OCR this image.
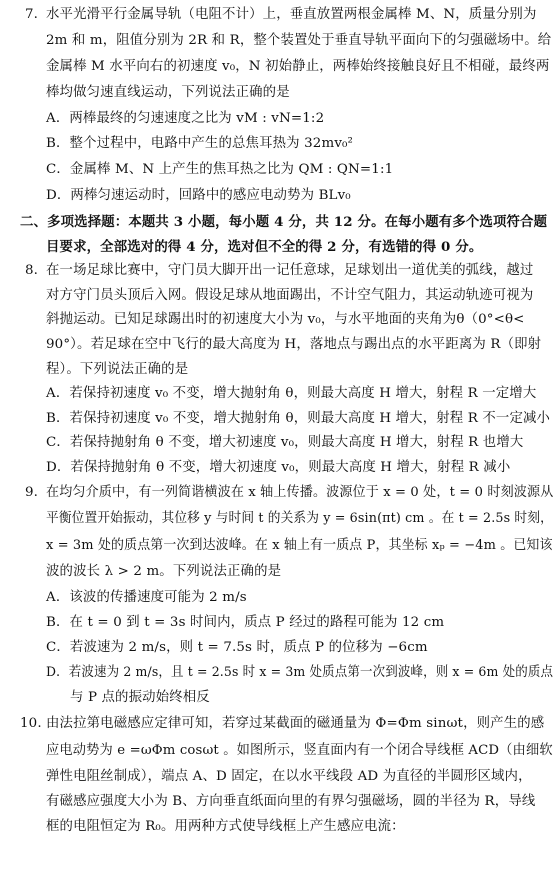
7. 水平光滑平行金属导轨（电阻不计）上，垂直放置两根金属棒 M、N，质量分别为
2m 和 m，阻值分别为 2R 和 R，整个装置处于垂直导轨平面向下的匀强磁场中。给
金属棒 M 水平向右的初速度 v₀，N 初始静止，两棒始终接触良好且不相碰，最终两
棒均做匀速直线运动，下列说法正确的是
A．两棒最终的匀速速度之比为 vM : vN=1:2
B．整个过程中，电路中产生的总焦耳热为 32mv₀²
C．金属棒 M、N 上产生的焦耳热之比为 QM : QN=1:1
D．两棒匀速运动时，回路中的感应电动势为 BLv₀
二、多项选择题：本题共 3 小题，每小题 4 分，共 12 分。在每小题有多个选项符合题
目要求，全部选对的得 4 分，选对但不全的得 2 分，有选错的得 0 分。
8. 在一场足球比赛中，守门员大脚开出一记任意球，足球划出一道优美的弧线，越过
对方守门员头顶后入网。假设足球从地面踢出，不计空气阻力，其运动轨迹可视为
斜抛运动。已知足球踢出时的初速度大小为 v₀，与水平地面的夹角为θ（0°<θ<
90°）。若足球在空中飞行的最大高度为 H，落地点与踢出点的水平距离为 R（即射
程）。下列说法正确的是
A．若保持初速度 v₀ 不变，增大抛射角 θ，则最大高度 H 增大，射程 R 一定增大
B．若保持初速度 v₀ 不变，增大抛射角 θ，则最大高度 H 增大，射程 R 不一定减小
C．若保持抛射角 θ 不变，增大初速度 v₀，则最大高度 H 增大，射程 R 也增大
D．若保持抛射角 θ 不变，增大初速度 v₀，则最大高度 H 增大，射程 R 减小
9. 在均匀介质中，有一列简谐横波在 x 轴上传播。波源位于 x = 0 处，t = 0 时刻波源从
平衡位置开始振动，其位移 y 与时间 t 的关系为 y = 6sin(πt) cm 。在 t = 2.5s 时刻，
x = 3m 处的质点第一次到达波峰。在 x 轴上有一质点 P，其坐标 xₚ = −4m 。已知该
波的波长 λ > 2 m。下列说法正确的是
A．该波的传播速度可能为 2 m/s
B．在 t = 0 到 t = 3s 时间内，质点 P 经过的路程可能为 12 cm
C．若波速为 2 m/s，则 t = 7.5s 时，质点 P 的位移为 −6cm
D．若波速为 2 m/s，且 t = 2.5s 时 x = 3m 处质点第一次到波峰，则 x = 6m 处的质点
与 P 点的振动始终相反
10. 由法拉第电磁感应定律可知，若穿过某截面的磁通量为 Φ=Φm sinωt，则产生的感
应电动势为 e =ωΦm cosωt 。如图所示，竖直面内有一个闭合导线框 ACD（由细软
弹性电阻丝制成），端点 A、D 固定，在以水平线段 AD 为直径的半圆形区域内，
有磁感应强度大小为 B、方向垂直纸面向里的有界匀强磁场，圆的半径为 R，导线
框的电阻恒定为 R₀。用两种方式使导线框上产生感应电流：
